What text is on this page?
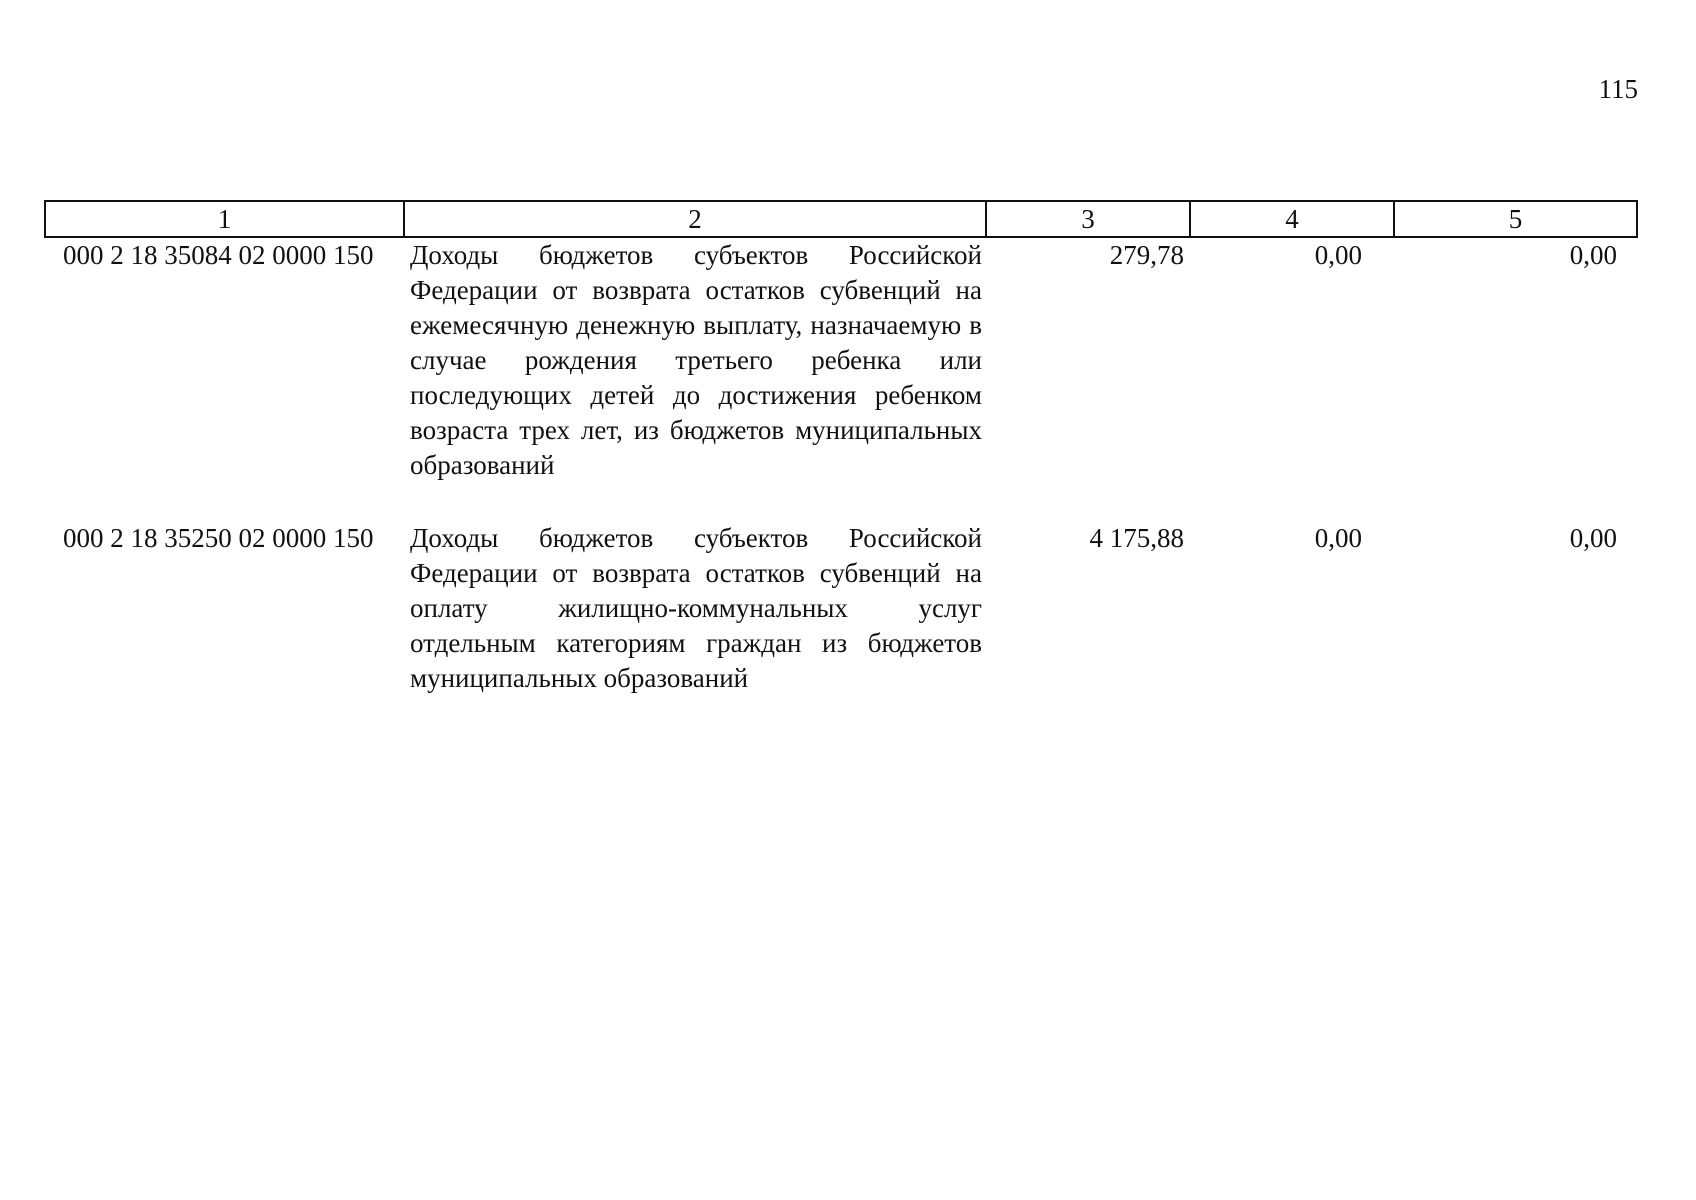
115
1	2	3	4	5
000 2 18 35084 02 0000 150	Доходы бюджетов субъектов Российской Федерации от возврата остатков субвенций на ежемесячную денежную выплату, назначаемую в случае рождения третьего ребенка или последующих детей до достижения ребенком возраста трех лет, из бюджетов муниципальных образований	279,78	0,00	0,00
000 2 18 35250 02 0000 150	Доходы бюджетов субъектов Российской Федерации от возврата остатков субвенций на оплату жилищно-коммунальных услуг отдельным категориям граждан из бюджетов муниципальных образований	4 175,88	0,00	0,00
